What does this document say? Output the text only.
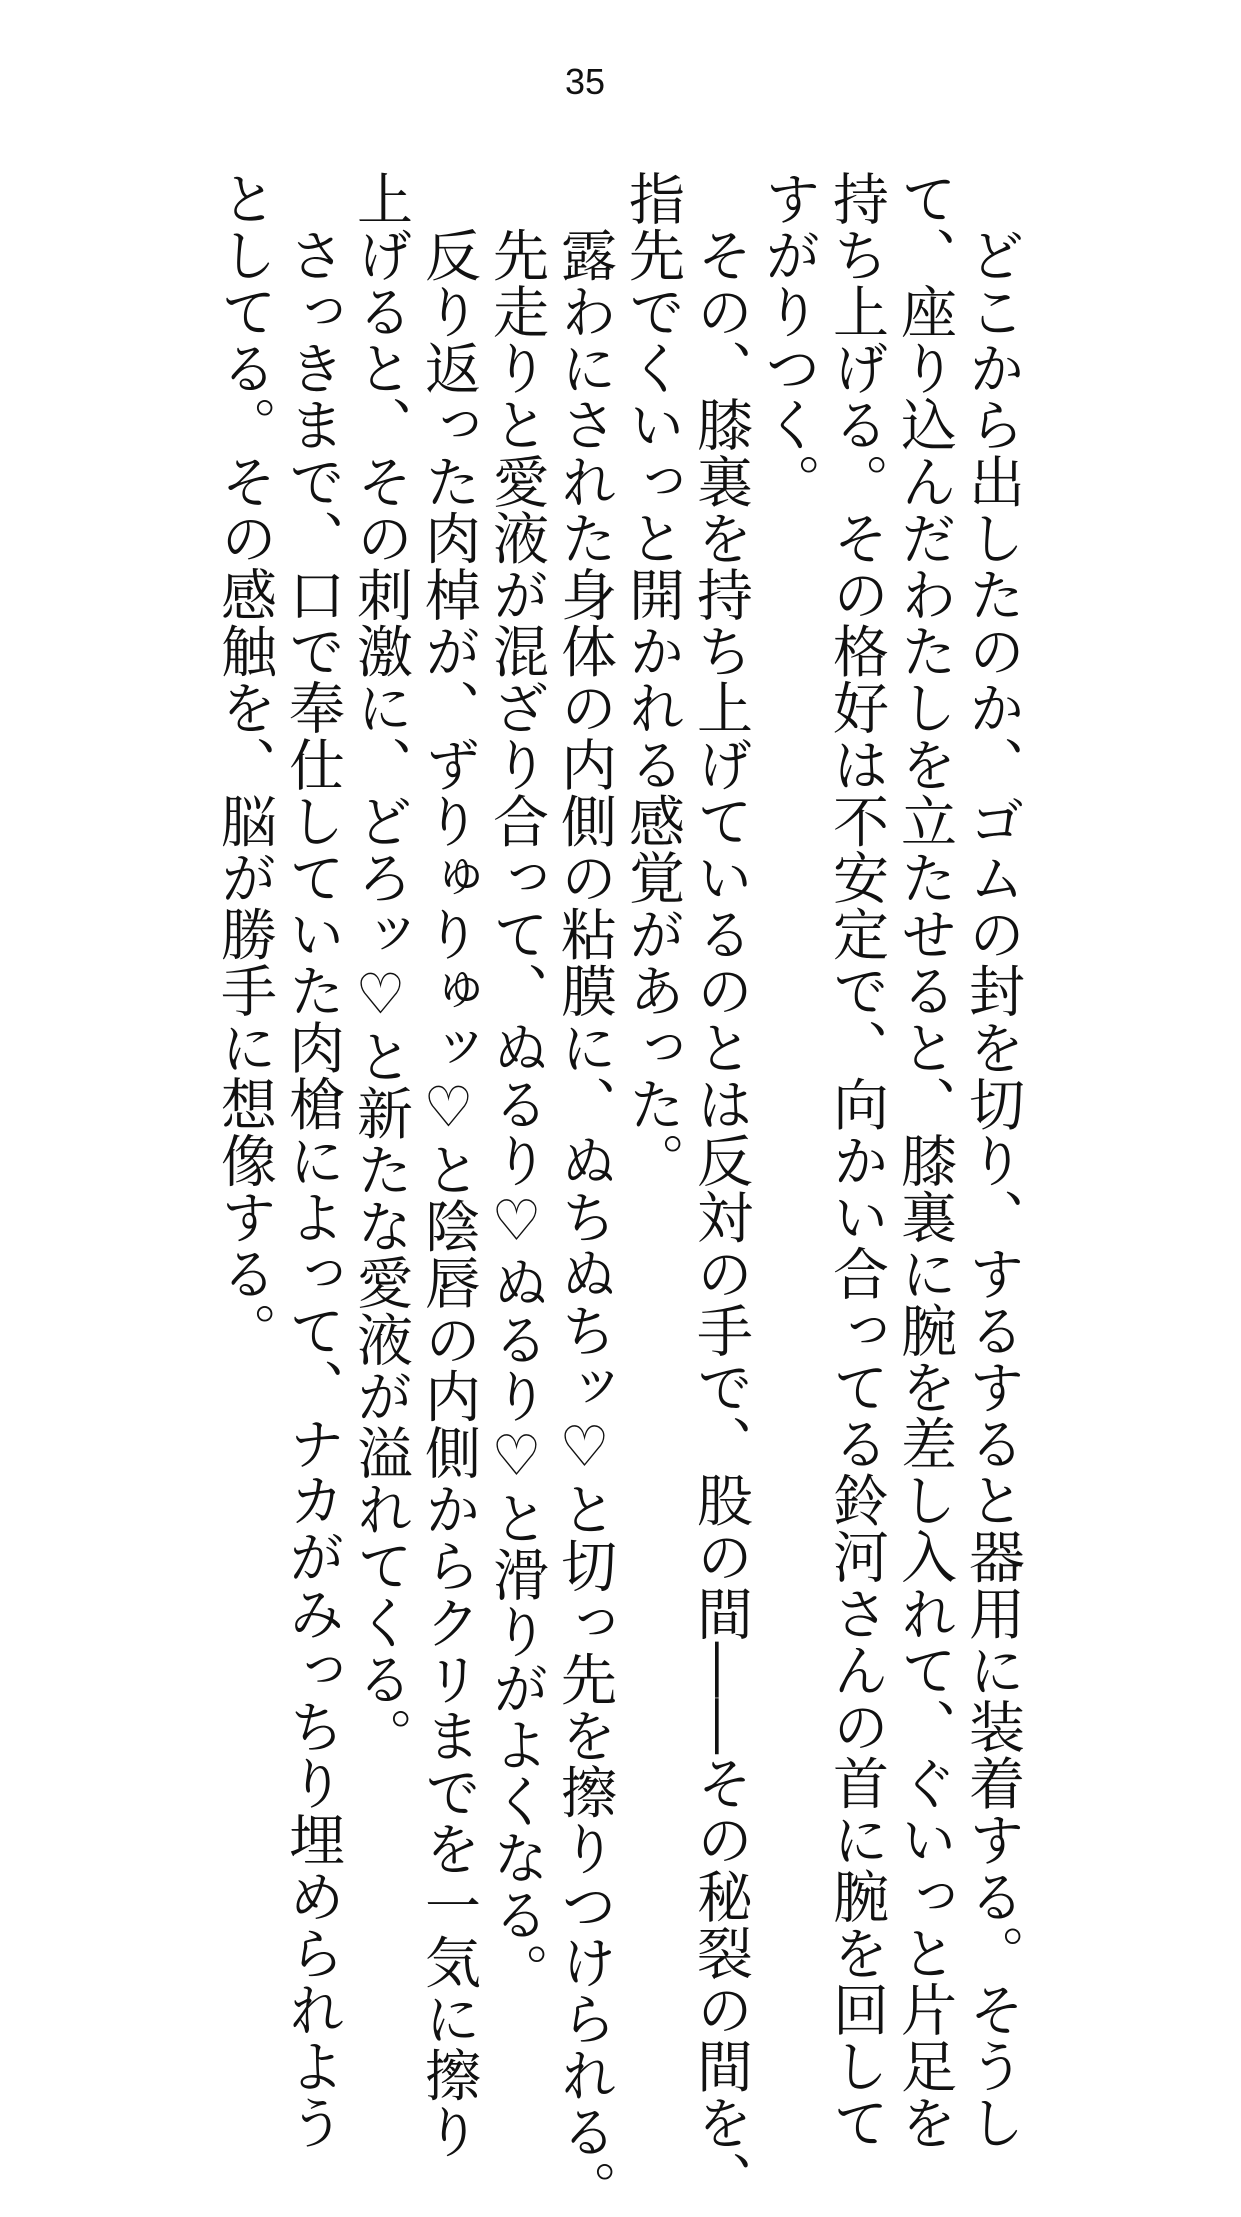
35
　どこから出したのか、ゴムの封を切り、するすると器用に装着する。そうし
て、座り込んだわたしを立たせると、膝裏に腕を差し入れて、ぐいっと片足を
持ち上げる。その格好は不安定で、向かい合ってる鈴河さんの首に腕を回して
すがりつく。
　その、膝裏を持ち上げているのとは反対の手で、股の間――その秘裂の間を、
指先でくいっと開かれる感覚があった。
　露わにされた身体の内側の粘膜に、ぬちぬちッ♡と切っ先を擦りつけられる。
　先走りと愛液が混ざり合って、ぬるり♡ぬるり♡と滑りがよくなる。
　反り返った肉棹が、ずりゅりゅッ♡と陰唇の内側からクリまでを一気に擦り
上げると、その刺激に、どろッ♡と新たな愛液が溢れてくる。
　さっきまで、口で奉仕していた肉槍によって、ナカがみっちり埋められよう
としてる。その感触を、脳が勝手に想像する。
